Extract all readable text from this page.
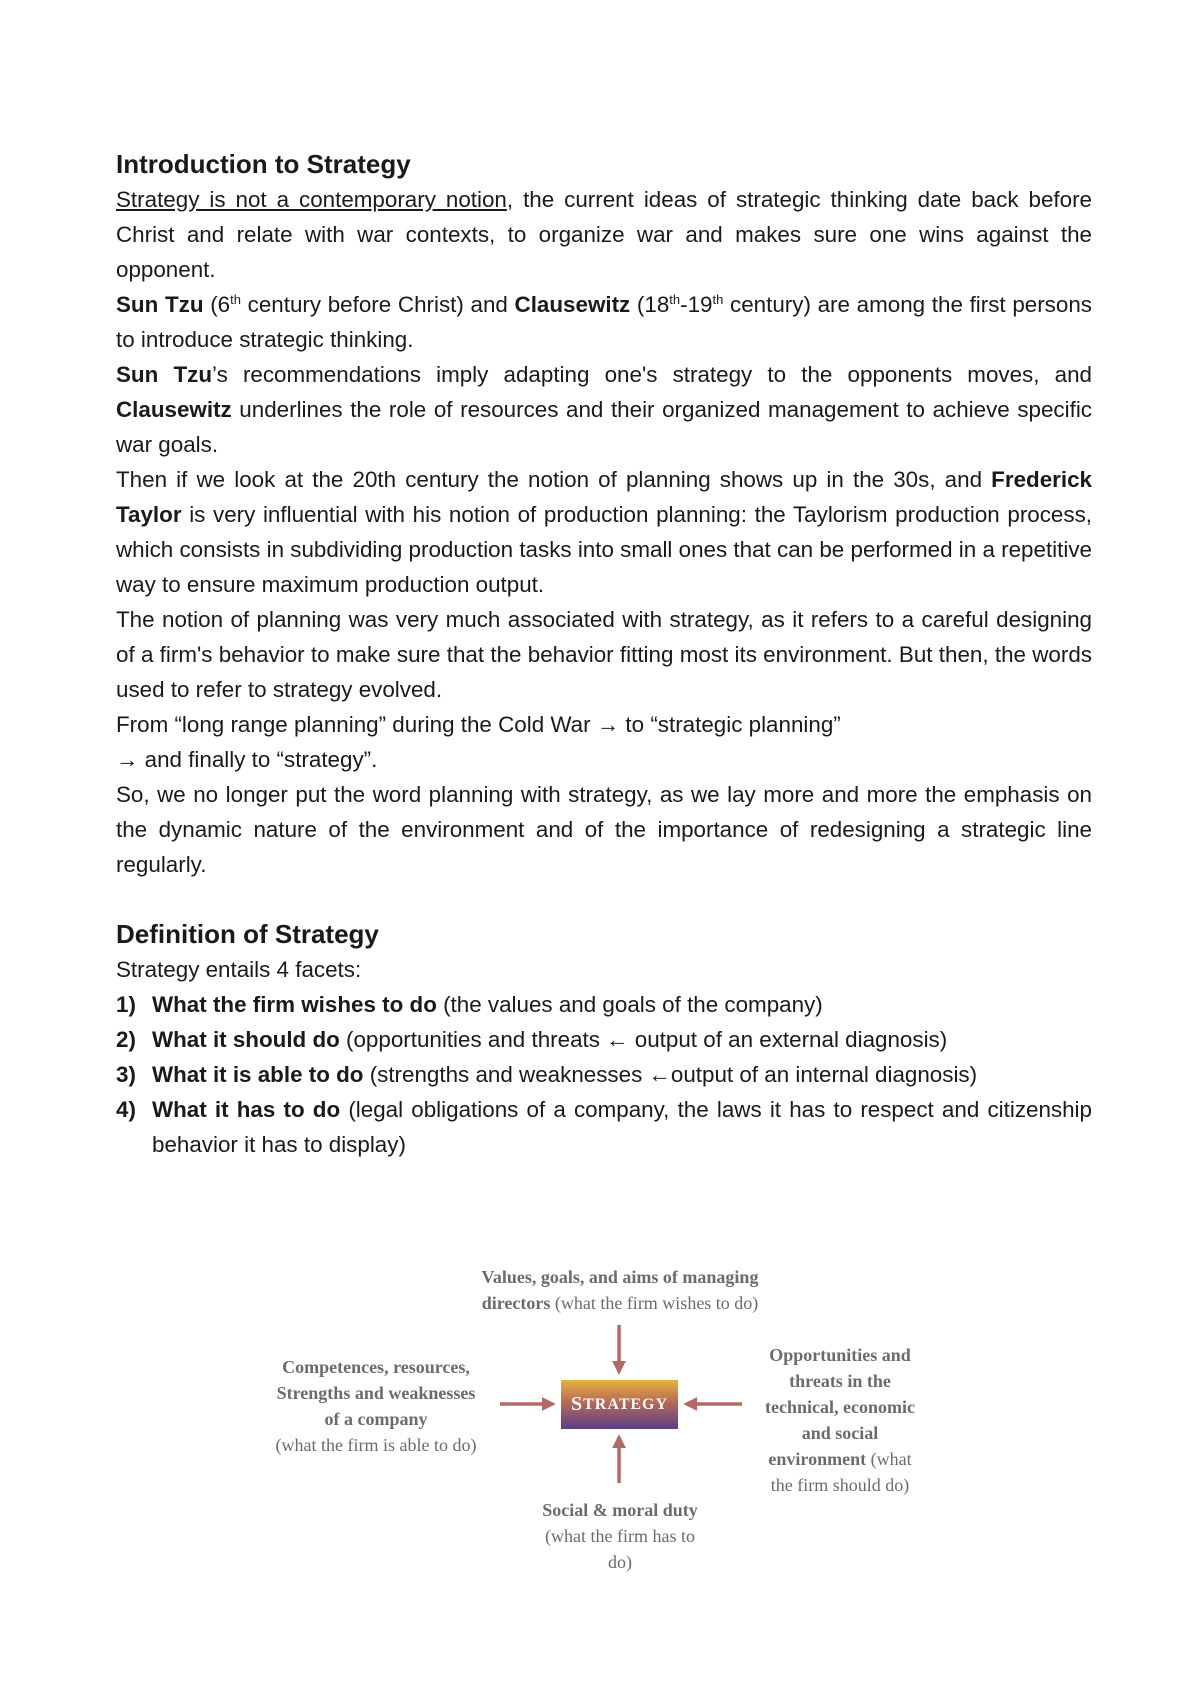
Introduction to Strategy

Strategy is not a contemporary notion, the current ideas of strategic thinking date back before Christ and relate with war contexts, to organize war and makes sure one wins against the opponent.

Sun Tzu (6th century before Christ) and Clausewitz (18th-19th century) are among the first persons to introduce strategic thinking.

Sun Tzu’s recommendations imply adapting one's strategy to the opponents moves, and Clausewitz underlines the role of resources and their organized management to achieve specific war goals.

Then if we look at the 20th century the notion of planning shows up in the 30s, and Frederick Taylor is very influential with his notion of production planning: the Taylorism production process, which consists in subdividing production tasks into small ones that can be performed in a repetitive way to ensure maximum production output.

The notion of planning was very much associated with strategy, as it refers to a careful designing of a firm's behavior to make sure that the behavior fitting most its environment. But then, the words used to refer to strategy evolved.

From “long range planning” during the Cold War → to “strategic planning”
→ and finally to “strategy”.

So, we no longer put the word planning with strategy, as we lay more and more the emphasis on the dynamic nature of the environment and of the importance of redesigning a strategic line regularly.

Definition of Strategy

Strategy entails 4 facets:

1) What the firm wishes to do (the values and goals of the company)
2) What it should do (opportunities and threats ← output of an external diagnosis)
3) What it is able to do (strengths and weaknesses ←output of an internal diagnosis)
4) What it has to do (legal obligations of a company, the laws it has to respect and citizenship behavior it has to display)
S TRATEGY
Values, goals, and aims of managing
directors (what the firm wishes to do)
Competences, resources,
Strengths and weaknesses
of a company
(what the firm is able to do)
Opportunities and
threats in the
technical, economic
and social
environment (what
the firm should do)
Social & moral duty
(what the firm has to
do)
